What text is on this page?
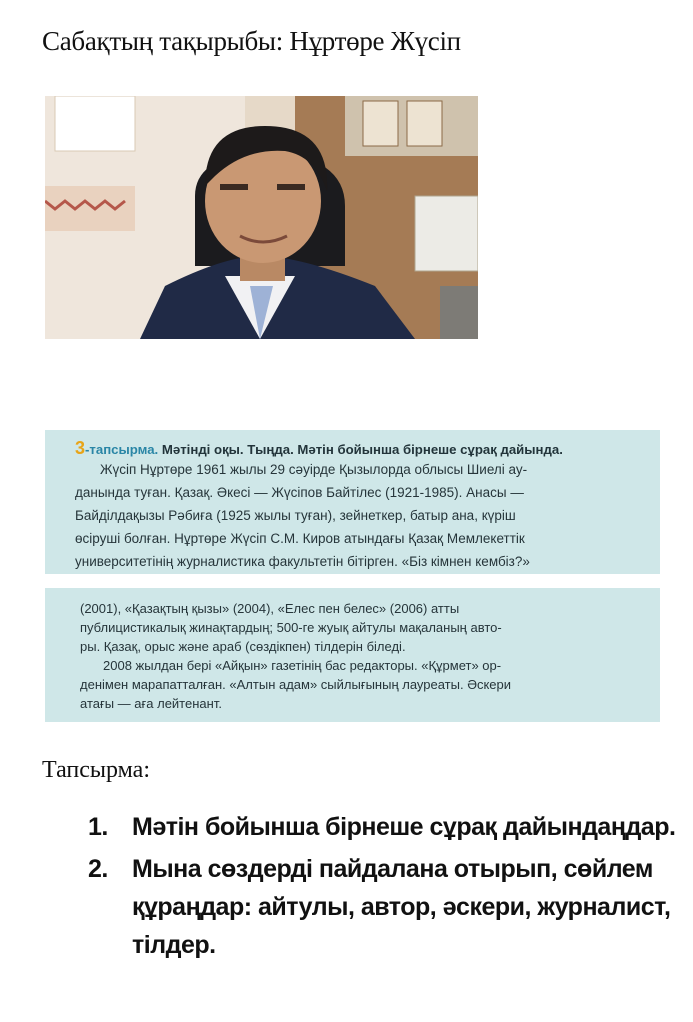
Сабақтың тақырыбы: Нұртөре Жүсіп
3-тапсырма. Мәтінді оқы. Тыңда. Мәтін бойынша бірнеше сұрақ дайында.
Жүсіп Нұртөре 1961 жылы 29 сәуірде Қызылорда облысы Шиелі ау-
данында туған. Қазақ. Әкесі — Жүсіпов Байтілес (1921-1985). Анасы —
Байділдақызы Рәбиға (1925 жылы туған), зейнеткер, батыр ана, күріш
өсіруші болған. Нұртөре Жүсіп С.М. Киров атындағы Қазақ Мемлекеттік
университетінің журналистика факультетін бітірген. «Біз кімнен кембіз?»
(2001), «Қазақтың қызы» (2004), «Елес пен белес» (2006) атты
публицистикалық жинақтардың; 500-ге жуық айтулы мақаланың авто-
ры. Қазақ, орыс және араб (сөздікпен) тілдерін біледі.
2008 жылдан бері «Айқын» газетінің бас редакторы. «Құрмет» ор-
денімен марапатталған. «Алтын адам» сыйлығының лауреаты. Әскери
атағы — аға лейтенант.
Тапсырма:
1. Мәтін бойынша бірнеше сұрақ дайындаңдар.
2. Мына сөздерді пайдалана отырып, сөйлем құраңдар: айтулы, автор, әскери, журналист, тілдер.
